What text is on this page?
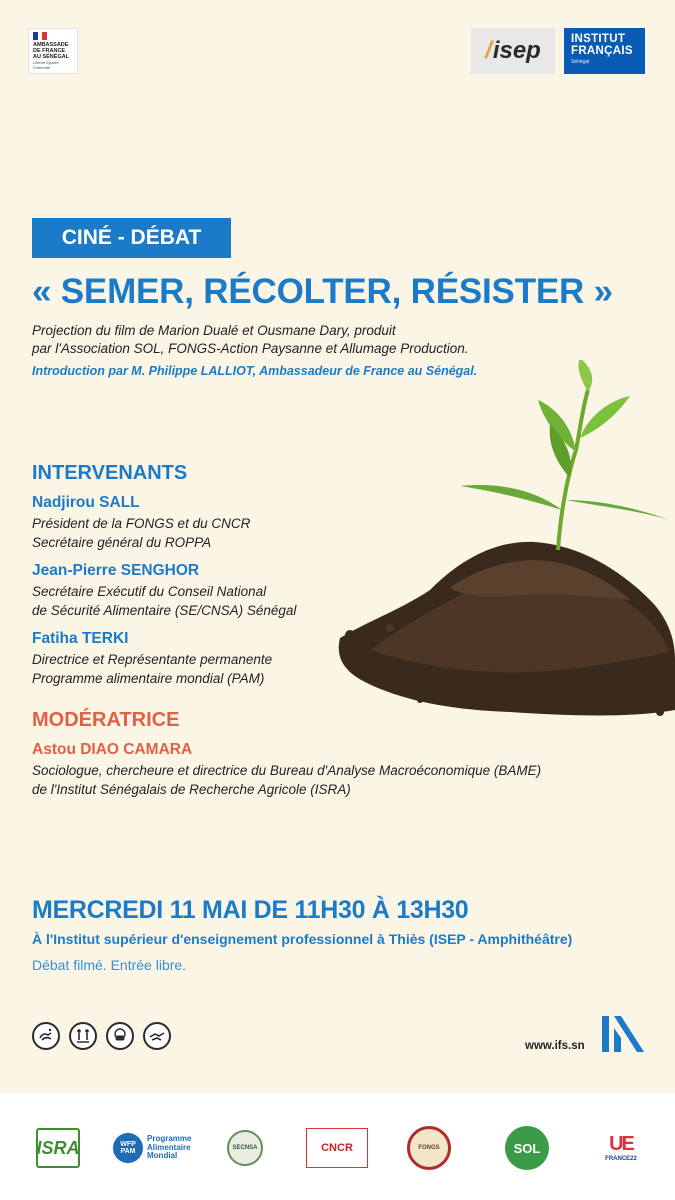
AMBASSADE
DE FRANCE
AU SÉNÉGAL
Liberté Égalité Fraternité
/ isep	INSTITUT
FRANÇAIS
Sénégal
CINÉ - DÉBAT
« SEMER, RÉCOLTER, RÉSISTER »
Projection du film de Marion Dualé et Ousmane Dary, produit
par l'Association SOL, FONGS-Action Paysanne et Allumage Production.
Introduction par M. Philippe LALLIOT, Ambassadeur de France au Sénégal.
INTERVENANTS
Nadjirou SALL
Président de la FONGS et du CNCR
Secrétaire général du ROPPA
Jean-Pierre SENGHOR
Secrétaire Exécutif du Conseil National
de Sécurité Alimentaire (SE/CNSA) Sénégal
Fatiha TERKI
Directrice et Représentante permanente
Programme alimentaire mondial (PAM)
MODÉRATRICE
Astou DIAO CAMARA
Sociologue, chercheure et directrice du Bureau d'Analyse Macroéconomique (BAME)
de l'Institut Sénégalais de Recherche Agricole (ISRA)
MERCREDI 11 MAI DE 11H30 À 13H30
À l'Institut supérieur d'enseignement professionnel à Thiès (ISEP - Amphithéâtre)
Débat filmé. Entrée libre.
www.ifs.sn
ISRA	WFP
PAM
Programme
Alimentaire
Mondial
SECNSA	CNCR	FONGS	SOL	UE
FRANCE22
